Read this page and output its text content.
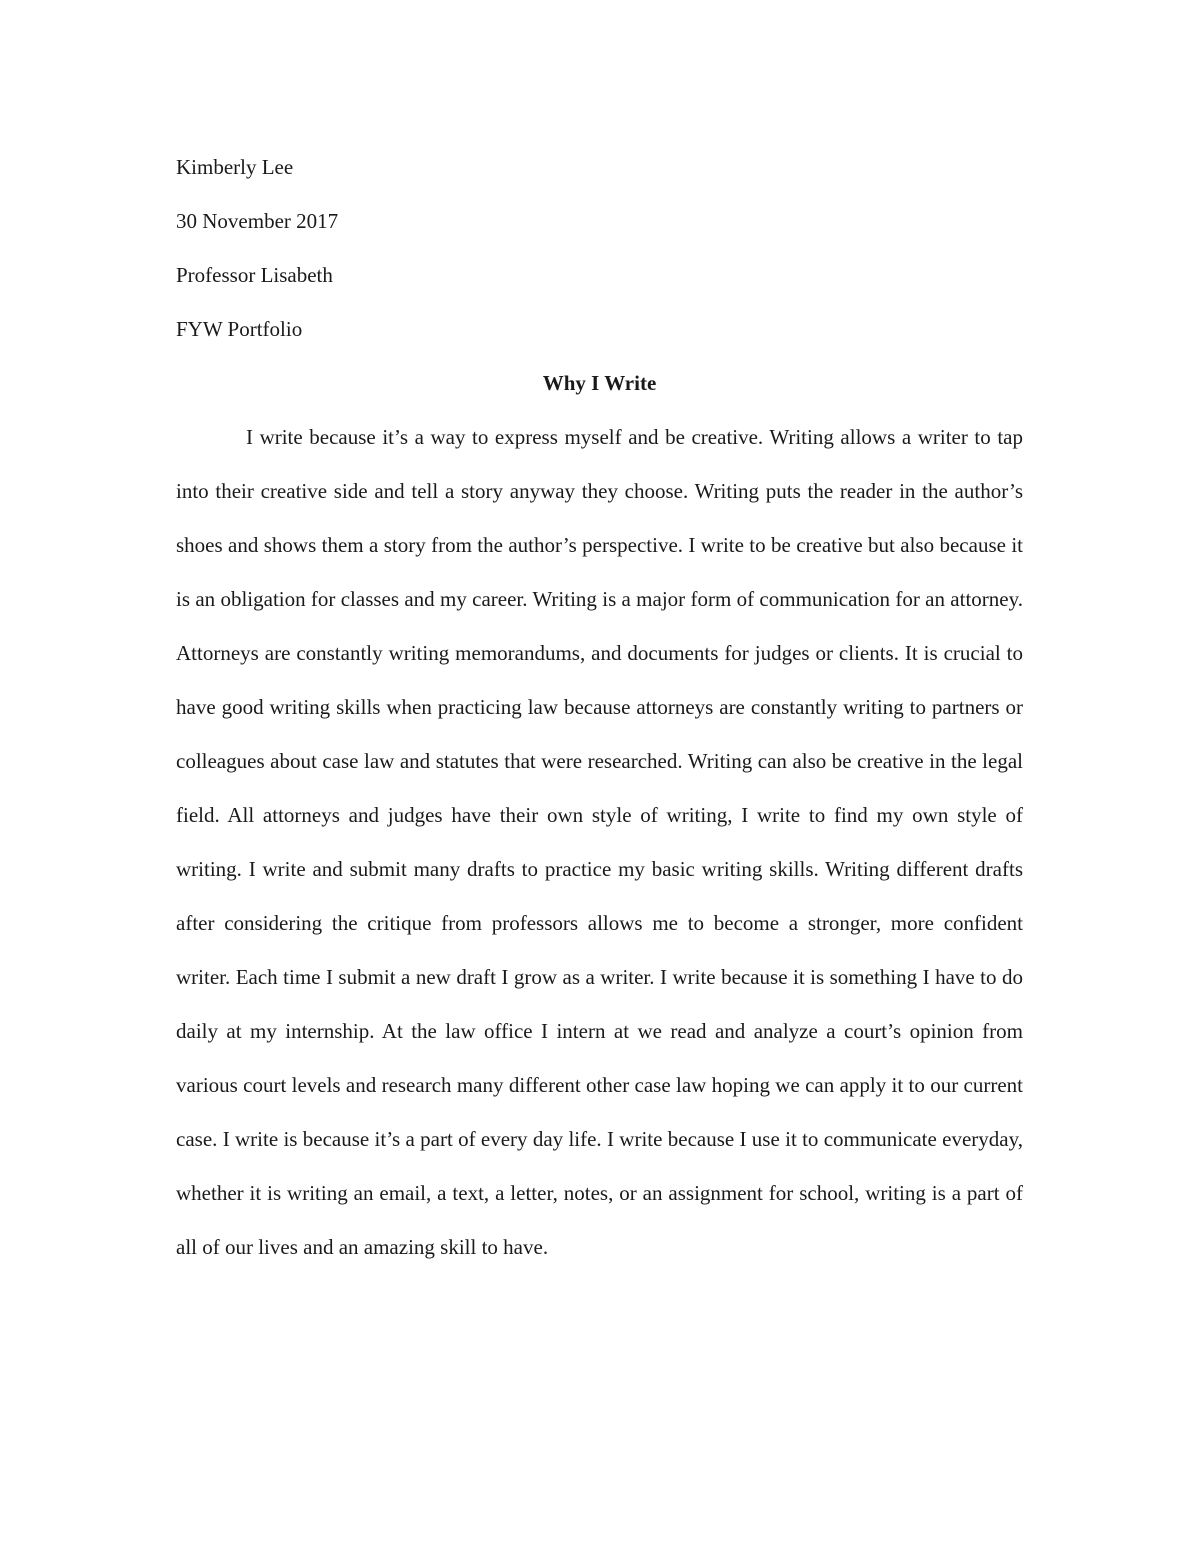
Kimberly Lee
30 November 2017
Professor Lisabeth
FYW Portfolio
Why I Write

I write because it’s a way to express myself and be creative. Writing allows a writer to tap into their creative side and tell a story anyway they choose. Writing puts the reader in the author’s shoes and shows them a story from the author’s perspective. I write to be creative but also because it is an obligation for classes and my career. Writing is a major form of communication for an attorney. Attorneys are constantly writing memorandums, and documents for judges or clients. It is crucial to have good writing skills when practicing law because attorneys are constantly writing to partners or colleagues about case law and statutes that were researched. Writing can also be creative in the legal field. All attorneys and judges have their own style of writing, I write to find my own style of writing. I write and submit many drafts to practice my basic writing skills. Writing different drafts after considering the critique from professors allows me to become a stronger, more confident writer. Each time I submit a new draft I grow as a writer. I write because it is something I have to do daily at my internship. At the law office I intern at we read and analyze a court’s opinion from various court levels and research many different other case law hoping we can apply it to our current case. I write is because it’s a part of every day life. I write because I use it to communicate everyday, whether it is writing an email, a text, a letter, notes, or an assignment for school, writing is a part of all of our lives and an amazing skill to have.
